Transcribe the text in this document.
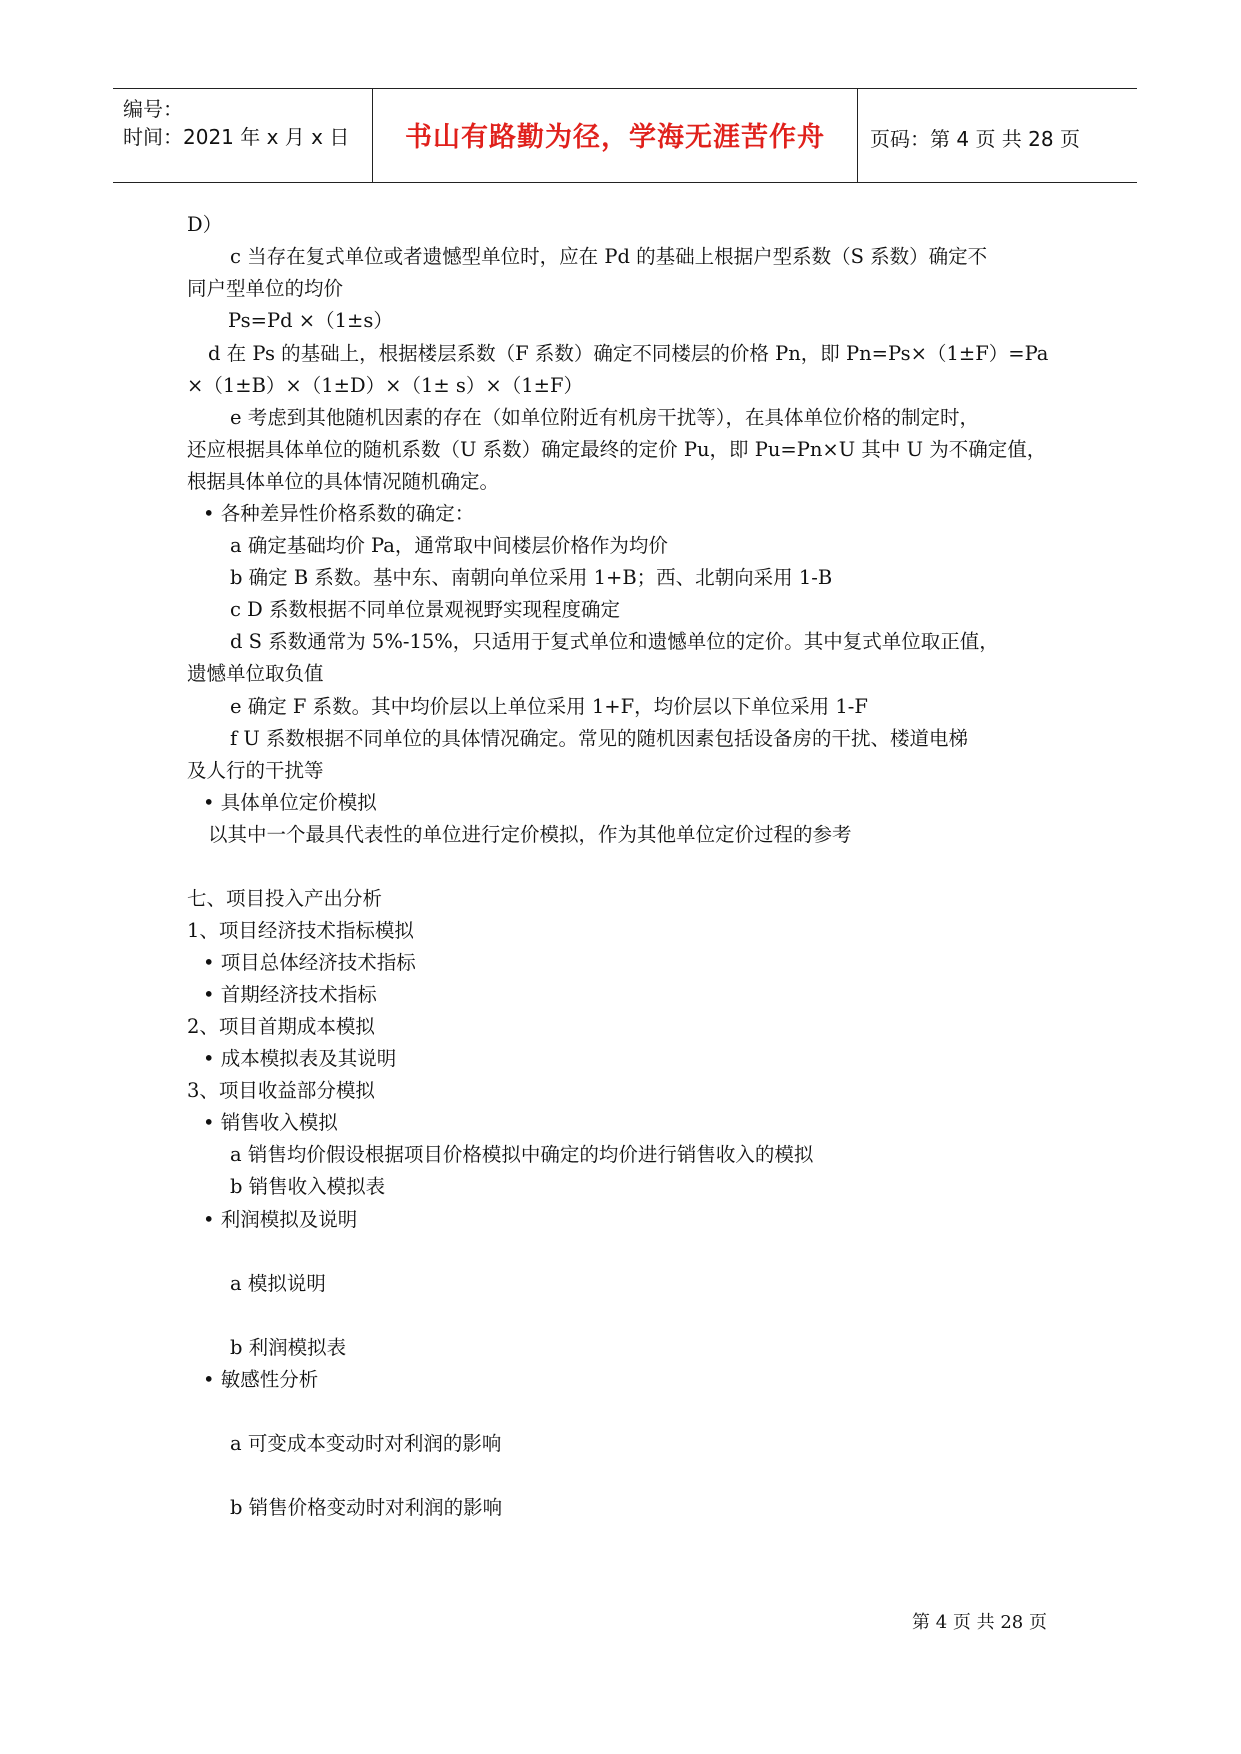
编号：
时间：2021 年 x 月 x 日	书山有路勤为径，学海无涯苦作舟	页码：第 4 页 共 28 页
D）
c 当存在复式单位或者遗憾型单位时，应在 Pd 的基础上根据户型系数（S 系数）确定不
同户型单位的均价
Ps=Pd ×（1±s）
d 在 Ps 的基础上，根据楼层系数（F 系数）确定不同楼层的价格 Pn，即 Pn=Ps×（1±F）=Pa
×（1±B）×（1±D）×（1± s）×（1±F）
e 考虑到其他随机因素的存在（如单位附近有机房干扰等），在具体单位价格的制定时，
还应根据具体单位的随机系数（U 系数）确定最终的定价 Pu，即 Pu=Pn×U 其中 U 为不确定值，
根据具体单位的具体情况随机确定。
• 各种差异性价格系数的确定：
a 确定基础均价 Pa，通常取中间楼层价格作为均价
b 确定 B 系数。基中东、南朝向单位采用 1+B；西、北朝向采用 1-B
c D 系数根据不同单位景观视野实现程度确定
d S 系数通常为 5%-15%，只适用于复式单位和遗憾单位的定价。其中复式单位取正值，
遗憾单位取负值
e 确定 F 系数。其中均价层以上单位采用 1+F，均价层以下单位采用 1-F
f U 系数根据不同单位的具体情况确定。常见的随机因素包括设备房的干扰、楼道电梯
及人行的干扰等
• 具体单位定价模拟
以其中一个最具代表性的单位进行定价模拟，作为其他单位定价过程的参考
七、项目投入产出分析
1、项目经济技术指标模拟
• 项目总体经济技术指标
• 首期经济技术指标
2、项目首期成本模拟
• 成本模拟表及其说明
3、项目收益部分模拟
• 销售收入模拟
a 销售均价假设根据项目价格模拟中确定的均价进行销售收入的模拟
b 销售收入模拟表
• 利润模拟及说明
a 模拟说明
b 利润模拟表
• 敏感性分析
a 可变成本变动时对利润的影响
b 销售价格变动时对利润的影响
第 4 页 共 28 页
